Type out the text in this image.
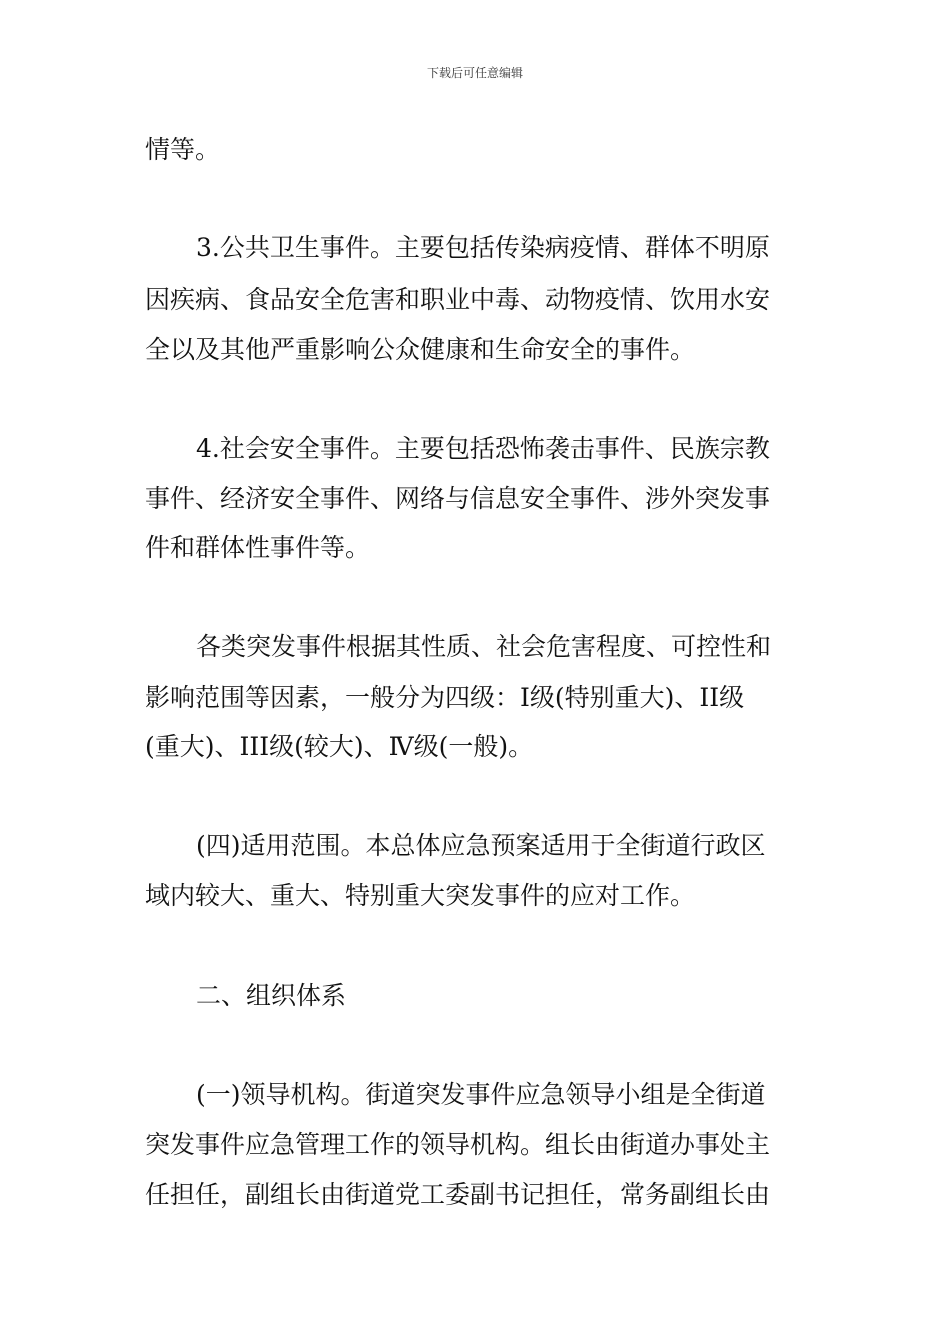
下载后可任意编辑
情等。
3.公共卫生事件。主要包括传染病疫情、群体不明原
因疾病、食品安全危害和职业中毒、动物疫情、饮用水安
全以及其他严重影响公众健康和生命安全的事件。
4.社会安全事件。主要包括恐怖袭击事件、民族宗教
事件、经济安全事件、网络与信息安全事件、涉外突发事
件和群体性事件等。
各类突发事件根据其性质、社会危害程度、可控性和
影响范围等因素，一般分为四级：Ⅰ级(特别重大)、II级
(重大)、III级(较大)、Ⅳ级(一般)。
(四)适用范围。本总体应急预案适用于全街道行政区
域内较大、重大、特别重大突发事件的应对工作。
二、组织体系
(一)领导机构。街道突发事件应急领导小组是全街道
突发事件应急管理工作的领导机构。组长由街道办事处主
任担任，副组长由街道党工委副书记担任，常务副组长由
